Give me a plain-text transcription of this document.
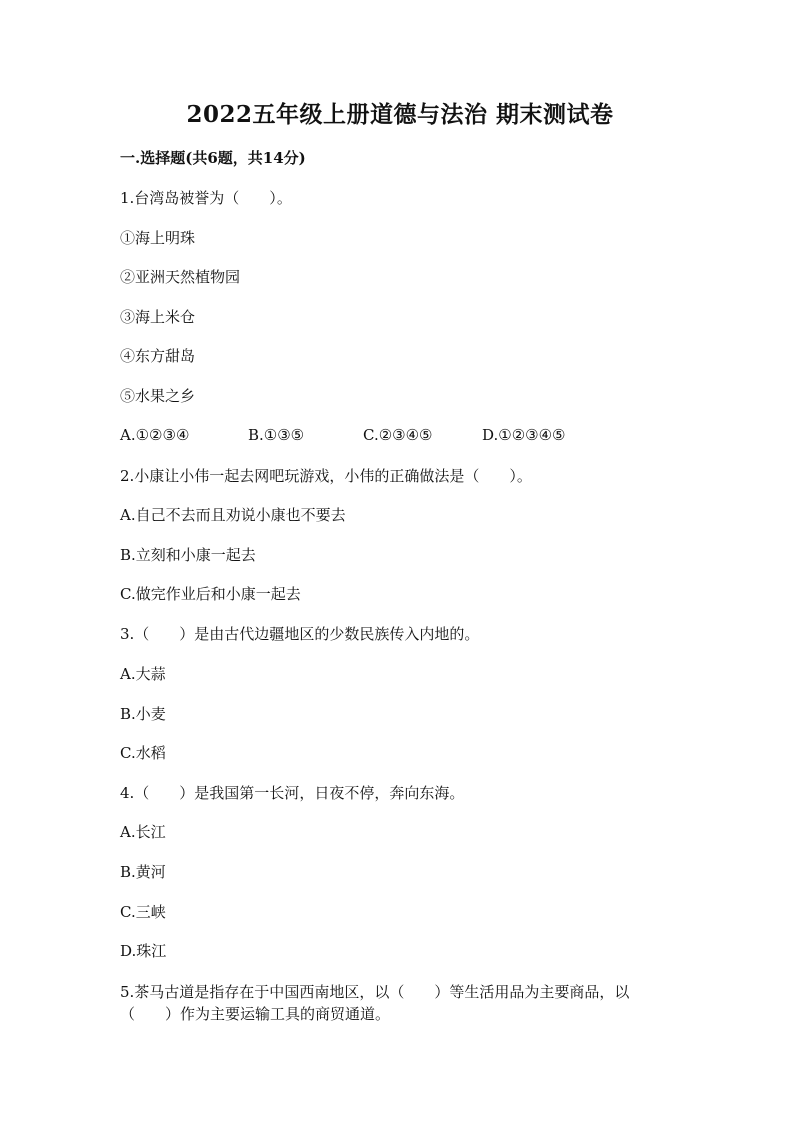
2022五年级上册道德与法治 期末测试卷

一.选择题(共6题，共14分)

1.台湾岛被誉为（　　）。

①海上明珠

②亚洲天然植物园

③海上米仓

④东方甜岛

⑤水果之乡

A.①②③④	B.①③⑤	C.②③④⑤	D.①②③④⑤

2.小康让小伟一起去网吧玩游戏，小伟的正确做法是（　　）。

A.自己不去而且劝说小康也不要去

B.立刻和小康一起去

C.做完作业后和小康一起去

3.（　　）是由古代边疆地区的少数民族传入内地的。

A.大蒜

B.小麦

C.水稻

4.（　　）是我国第一长河，日夜不停，奔向东海。

A.长江

B.黄河

C.三峡

D.珠江

5.茶马古道是指存在于中国西南地区，以（　　）等生活用品为主要商品，以（　　）作为主要运输工具的商贸通道。
